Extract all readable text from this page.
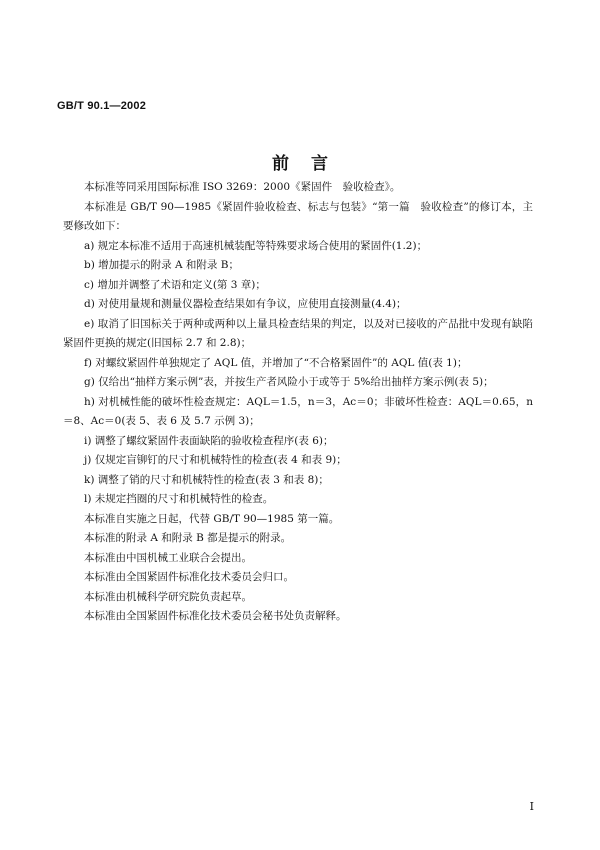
GB/T 90.1—2002
前言

本标准等同采用国际标准 ISO 3269：2000《紧固件　验收检查》。

本标准是 GB/T 90—1985《紧固件验收检查、标志与包装》“第一篇　验收检查”的修订本，主要修改如下：

a) 规定本标准不适用于高速机械装配等特殊要求场合使用的紧固件(1.2)；

b) 增加提示的附录 A 和附录 B；

c) 增加并调整了术语和定义(第 3 章)；

d) 对使用量规和测量仪器检查结果如有争议，应使用直接测量(4.4)；

e) 取消了旧国标关于两种或两种以上量具检查结果的判定，以及对已接收的产品批中发现有缺陷紧固件更换的规定(旧国标 2.7 和 2.8)；

f) 对螺纹紧固件单独规定了 AQL 值，并增加了“不合格紧固件”的 AQL 值(表 1)；

g) 仅给出“抽样方案示例”表，并按生产者风险小于或等于 5%给出抽样方案示例(表 5)；

h) 对机械性能的破坏性检查规定：AQL＝1.5，n＝3，Ac＝0；非破坏性检查：AQL＝0.65，n＝8、Ac＝0(表 5、表 6 及 5.7 示例 3)；

i) 调整了螺纹紧固件表面缺陷的验收检查程序(表 6)；

j) 仅规定盲铆钉的尺寸和机械特性的检查(表 4 和表 9)；

k) 调整了销的尺寸和机械特性的检查(表 3 和表 8)；

l) 未规定挡圈的尺寸和机械特性的检查。

本标准自实施之日起，代替 GB/T 90—1985 第一篇。

本标准的附录 A 和附录 B 都是提示的附录。

本标准由中国机械工业联合会提出。

本标准由全国紧固件标准化技术委员会归口。

本标准由机械科学研究院负责起草。

本标准由全国紧固件标准化技术委员会秘书处负责解释。

I
